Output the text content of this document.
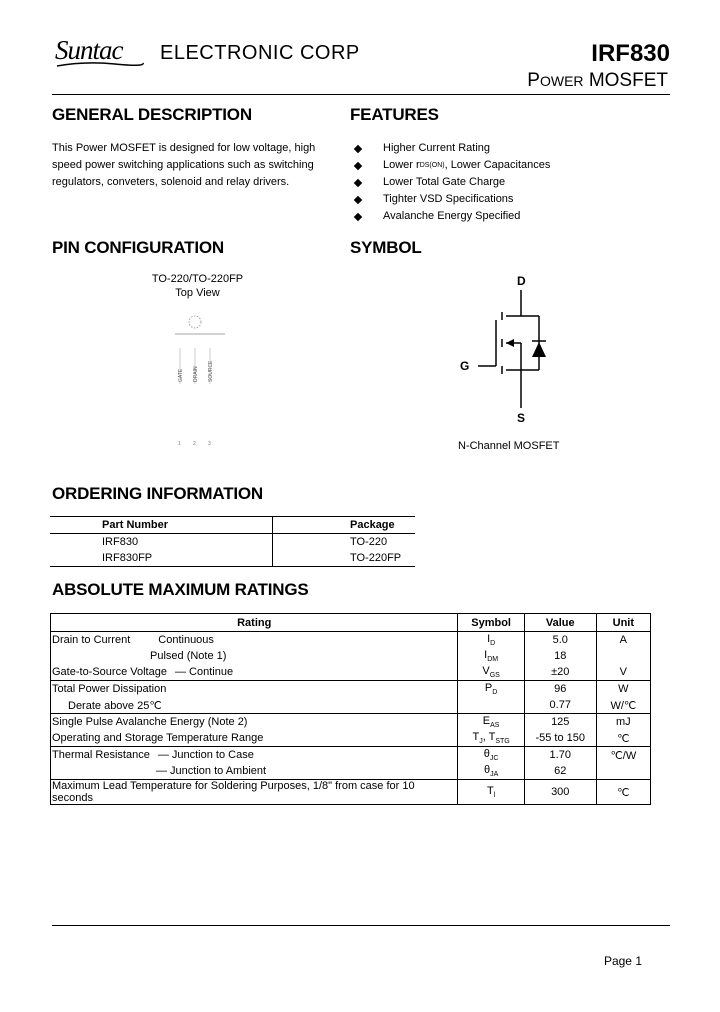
Suntac ELECTRONIC CORP	IRF830
POWER MOSFET
GENERAL DESCRIPTION
This Power MOSFET is designed for low voltage, high
speed power switching applications such as switching
regulators, conveters, solenoid and relay drivers.
FEATURES
Higher Current Rating
Lower r DS(ON) , Lower Capacitances
Lower Total Gate Charge
Tighter VSD Specifications
Avalanche Energy Specified
PIN CONFIGURATION
TO-220/TO-220FP
Top View
GATE DRAIN SOURCE
1 2 3
SYMBOL
D
G
S
N-Channel MOSFET
ORDERING INFORMATION
Part Number	Package
IRF830	TO-220
IRF830FP	TO-220FP
ABSOLUTE MAXIMUM RATINGS
Rating	Symbol	Value	Unit
Drain to Current Continuous	$I_D$	5.0	A
Pulsed (Note 1)	$I_{DM}$	18	
Gate-to-Source Voltage — Continue	$V_{GS}$	±20	V
Total Power Dissipation	$P_D$	96	W
Derate above 25℃		0.77	W/℃
Single Pulse Avalanche Energy (Note 2)	$E_{AS}$	125	mJ
Operating and Storage Temperature Range	$T_J$, $T_{STG}$	-55 to 150	℃
Thermal Resistance — Junction to Case	$\theta_{JC}$	1.70	℃/W
— Junction to Ambient	$\theta_{JA}$	62	
Maximum Lead Temperature for Soldering Purposes, 1/8" from case for 10 seconds	$T_l$	300	℃
Page 1
